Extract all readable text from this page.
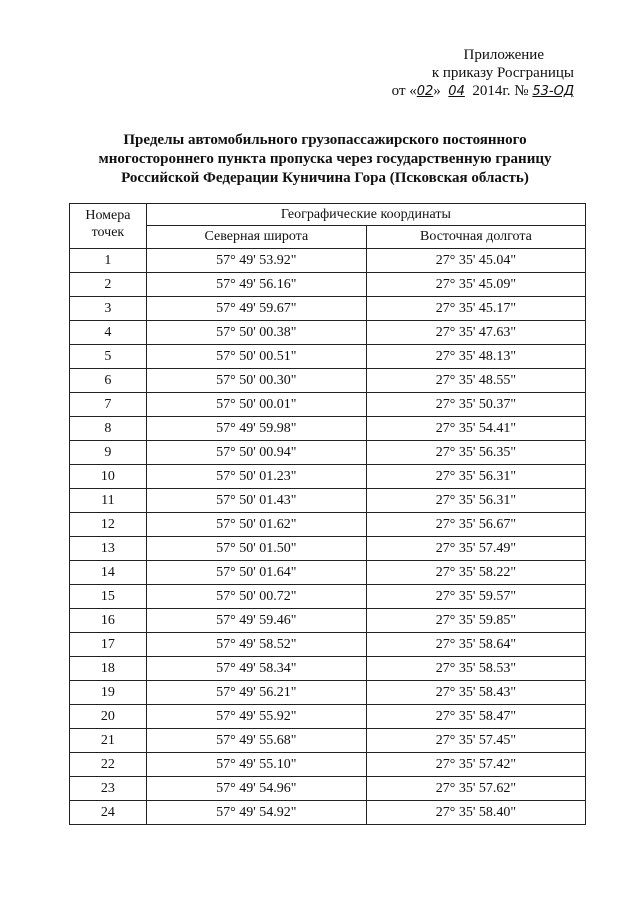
Приложение
к приказу Росграницы
от «02» 04 2014г. № 53-ОД
Пределы автомобильного грузопассажирского постоянного
многостороннего пункта пропуска через государственную границу
Российской Федерации Куничина Гора (Псковская область)
Номера точек	Географические координаты	
	Северная широта	Восточная долгота
1	57° 49' 53.92"	27° 35' 45.04"
2	57° 49' 56.16"	27° 35' 45.09"
3	57° 49' 59.67"	27° 35' 45.17"
4	57° 50' 00.38"	27° 35' 47.63"
5	57° 50' 00.51"	27° 35' 48.13"
6	57° 50' 00.30"	27° 35' 48.55"
7	57° 50' 00.01"	27° 35' 50.37"
8	57° 49' 59.98"	27° 35' 54.41"
9	57° 50' 00.94"	27° 35' 56.35"
10	57° 50' 01.23"	27° 35' 56.31"
11	57° 50' 01.43"	27° 35' 56.31"
12	57° 50' 01.62"	27° 35' 56.67"
13	57° 50' 01.50"	27° 35' 57.49"
14	57° 50' 01.64"	27° 35' 58.22"
15	57° 50' 00.72"	27° 35' 59.57"
16	57° 49' 59.46"	27° 35' 59.85"
17	57° 49' 58.52"	27° 35' 58.64"
18	57° 49' 58.34"	27° 35' 58.53"
19	57° 49' 56.21"	27° 35' 58.43"
20	57° 49' 55.92"	27° 35' 58.47"
21	57° 49' 55.68"	27° 35' 57.45"
22	57° 49' 55.10"	27° 35' 57.42"
23	57° 49' 54.96"	27° 35' 57.62"
24	57° 49' 54.92"	27° 35' 58.40"
